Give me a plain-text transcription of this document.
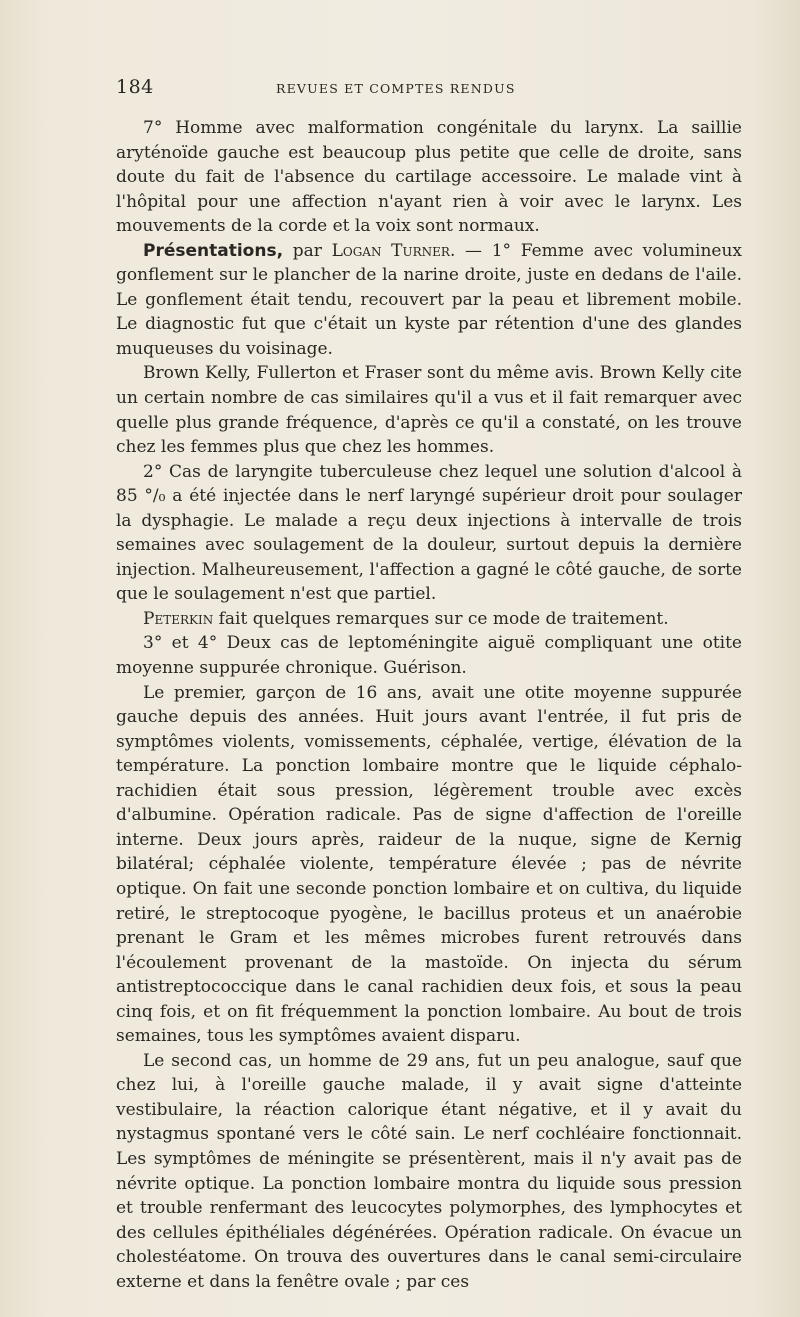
184	REVUES ET COMPTES RENDUS

7° Homme avec malformation congénitale du larynx. La saillie aryténoïde gauche est beaucoup plus petite que celle de droite, sans doute du fait de l'absence du cartilage accessoire. Le malade vint à l'hôpital pour une affection n'ayant rien à voir avec le larynx. Les mouvements de la corde et la voix sont normaux.

Présentations, par Logan Turner. — 1° Femme avec volumineux gonflement sur le plancher de la narine droite, juste en dedans de l'aile. Le gonflement était tendu, recouvert par la peau et librement mobile. Le diagnostic fut que c'était un kyste par rétention d'une des glandes muqueuses du voisinage.

Brown Kelly, Fullerton et Fraser sont du même avis. Brown Kelly cite un certain nombre de cas similaires qu'il a vus et il fait remarquer avec quelle plus grande fréquence, d'après ce qu'il a constaté, on les trouve chez les femmes plus que chez les hommes.

2° Cas de laryngite tuberculeuse chez lequel une solution d'alcool à 85 °/₀ a été injectée dans le nerf laryngé supérieur droit pour soulager la dysphagie. Le malade a reçu deux injections à intervalle de trois semaines avec soulagement de la douleur, surtout depuis la dernière injection. Malheureusement, l'affection a gagné le côté gauche, de sorte que le soulagement n'est que partiel.

Peterkin fait quelques remarques sur ce mode de traitement.

3° et 4° Deux cas de leptoméningite aiguë compliquant une otite moyenne suppurée chronique. Guérison.

Le premier, garçon de 16 ans, avait une otite moyenne suppurée gauche depuis des années. Huit jours avant l'entrée, il fut pris de symptômes violents, vomissements, céphalée, vertige, élévation de la température. La ponction lombaire montre que le liquide céphalo-rachidien était sous pression, légèrement trouble avec excès d'albumine. Opération radicale. Pas de signe d'affection de l'oreille interne. Deux jours après, raideur de la nuque, signe de Kernig bilatéral; céphalée violente, température élevée ; pas de névrite optique. On fait une seconde ponction lombaire et on cultiva, du liquide retiré, le streptocoque pyogène, le bacillus proteus et un anaérobie prenant le Gram et les mêmes microbes furent retrouvés dans l'écoulement provenant de la mastoïde. On injecta du sérum antistreptococcique dans le canal rachidien deux fois, et sous la peau cinq fois, et on fit fréquemment la ponction lombaire. Au bout de trois semaines, tous les symptômes avaient disparu.

Le second cas, un homme de 29 ans, fut un peu analogue, sauf que chez lui, à l'oreille gauche malade, il y avait signe d'atteinte vestibulaire, la réaction calorique étant négative, et il y avait du nystagmus spontané vers le côté sain. Le nerf cochléaire fonctionnait. Les symptômes de méningite se présentèrent, mais il n'y avait pas de névrite optique. La ponction lombaire montra du liquide sous pression et trouble renfermant des leucocytes polymorphes, des lymphocytes et des cellules épithéliales dégénérées. Opération radicale. On évacue un cholestéatome. On trouva des ouvertures dans le canal semi-circulaire externe et dans la fenêtre ovale ; par ces
